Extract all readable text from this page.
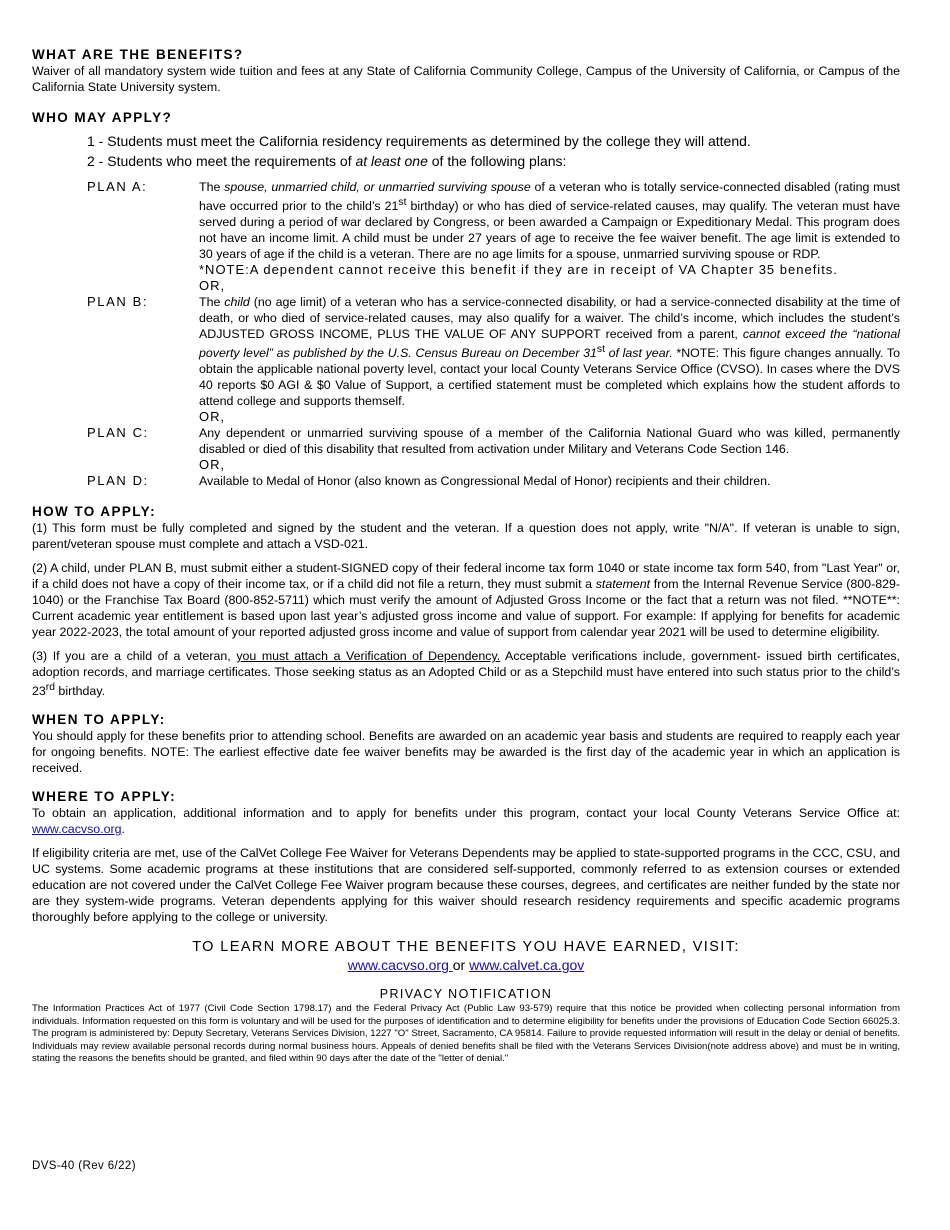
WHAT ARE THE BENEFITS?

Waiver of all mandatory system wide tuition and fees at any State of California Community College, Campus of the University of California, or Campus of the California State University system.

WHO MAY APPLY?
1 - Students must meet the California residency requirements as determined by the college they will attend.
2 - Students who meet the requirements of at least one of the following plans:
PLAN A:	The spouse, unmarried child, or unmarried surviving spouse of a veteran who is totally service-connected disabled (rating must have occurred prior to the child’s 21st birthday) or who has died of service-related causes, may qualify. The veteran must have served during a period of war declared by Congress, or been awarded a Campaign or Expeditionary Medal. This program does not have an income limit. A child must be under 27 years of age to receive the fee waiver benefit. The age limit is extended to 30 years of age if the child is a veteran. There are no age limits for a spouse, unmarried surviving spouse or RDP.
*NOTE:A dependent cannot receive this benefit if they are in receipt of VA Chapter 35 benefits.
OR,
PLAN B:	The child (no age limit) of a veteran who has a service-connected disability, or had a service-connected disability at the time of death, or who died of service-related causes, may also qualify for a waiver. The child’s income, which includes the student’s ADJUSTED GROSS INCOME, PLUS THE VALUE OF ANY SUPPORT received from a parent, cannot exceed the “national poverty level” as published by the U.S. Census Bureau on December 31st of last year. *NOTE: This figure changes annually. To obtain the applicable national poverty level, contact your local County Veterans Service Office (CVSO). In cases where the DVS 40 reports $0 AGI & $0 Value of Support, a certified statement must be completed which explains how the student affords to attend college and supports themself.
OR,
PLAN C:	Any dependent or unmarried surviving spouse of a member of the California National Guard who was killed, permanently disabled or died of this disability that resulted from activation under Military and Veterans Code Section 146.
OR,
PLAN D:	Available to Medal of Honor (also known as Congressional Medal of Honor) recipients and their children.
HOW TO APPLY:

(1) This form must be fully completed and signed by the student and the veteran. If a question does not apply, write "N/A". If veteran is unable to sign, parent/veteran spouse must complete and attach a VSD-021.

(2) A child, under PLAN B, must submit either a student-SIGNED copy of their federal income tax form 1040 or state income tax form 540, from "Last Year" or, if a child does not have a copy of their income tax, or if a child did not file a return, they must submit a statement from the Internal Revenue Service (800-829-1040) or the Franchise Tax Board (800-852-5711) which must verify the amount of Adjusted Gross Income or the fact that a return was not filed. **NOTE**: Current academic year entitlement is based upon last year’s adjusted gross income and value of support. For example: If applying for benefits for academic year 2022-2023, the total amount of your reported adjusted gross income and value of support from calendar year 2021 will be used to determine eligibility.

(3) If you are a child of a veteran, you must attach a Verification of Dependency. Acceptable verifications include, government- issued birth certificates, adoption records, and marriage certificates. Those seeking status as an Adopted Child or as a Stepchild must have entered into such status prior to the child’s 23rd birthday.

WHEN TO APPLY:

You should apply for these benefits prior to attending school. Benefits are awarded on an academic year basis and students are required to reapply each year for ongoing benefits. NOTE: The earliest effective date fee waiver benefits may be awarded is the first day of the academic year in which an application is received.

WHERE TO APPLY:

To obtain an application, additional information and to apply for benefits under this program, contact your local County Veterans Service Office at: www.cacvso.org.

If eligibility criteria are met, use of the CalVet College Fee Waiver for Veterans Dependents may be applied to state-supported programs in the CCC, CSU, and UC systems. Some academic programs at these institutions that are considered self-supported, commonly referred to as extension courses or extended education are not covered under the CalVet College Fee Waiver program because these courses, degrees, and certificates are neither funded by the state nor are they system-wide programs. Veteran dependents applying for this waiver should research residency requirements and specific academic programs thoroughly before applying to the college or university.

TO LEARN MORE ABOUT THE BENEFITS YOU HAVE EARNED, VISIT:
www.cacvso.org or www.calvet.ca.gov
PRIVACY NOTIFICATION

The Information Practices Act of 1977 (Civil Code Section 1798.17) and the Federal Privacy Act (Public Law 93-579) require that this notice be provided when collecting personal information from individuals. Information requested on this form is voluntary and will be used for the purposes of identification and to determine eligibility for benefits under the provisions of Education Code Section 66025.3. The program is administered by: Deputy Secretary, Veterans Services Division, 1227 "O" Street, Sacramento, CA 95814. Failure to provide requested information will result in the delay or denial of benefits. Individuals may review available personal records during normal business hours. Appeals of denied benefits shall be filed with the Veterans Services Division(note address above) and must be in writing, stating the reasons the benefits should be granted, and filed within 90 days after the date of the "letter of denial."

DVS-40 (Rev 6/22)
